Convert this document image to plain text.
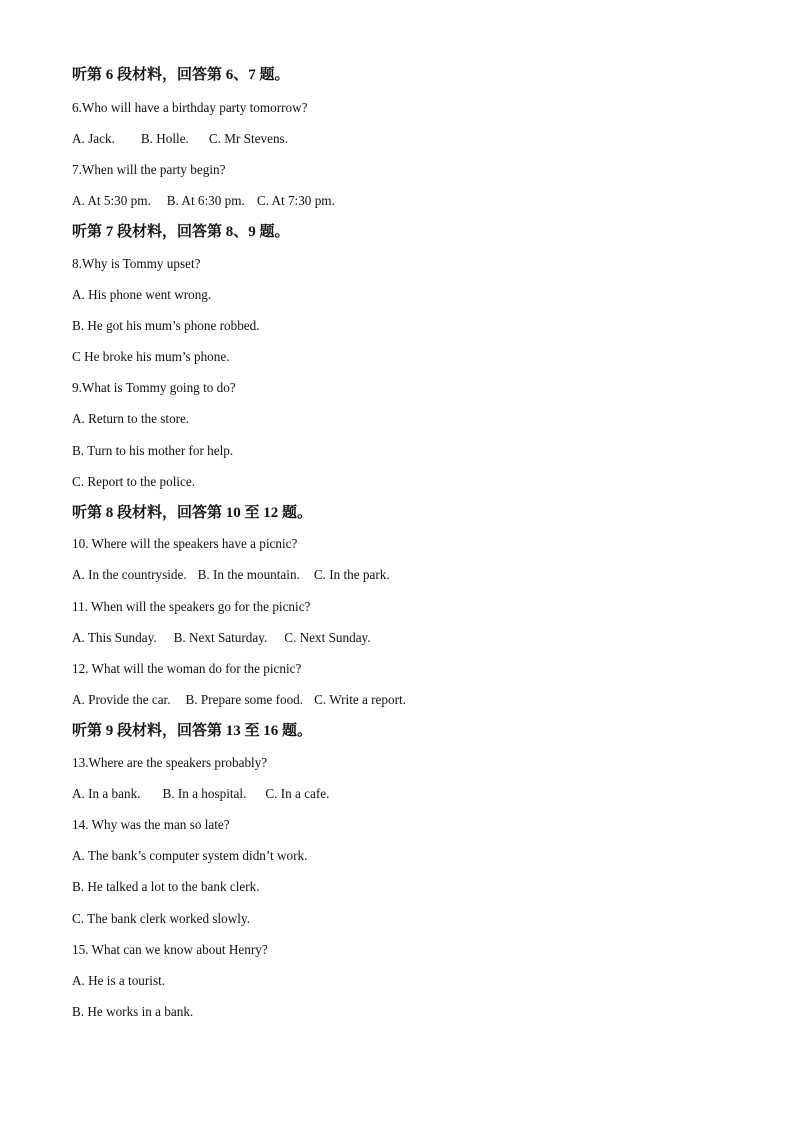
听第 6 段材料，回答第 6、7 题。
6.Who will have a birthday party tomorrow?
A. Jack. B. Holle. C. Mr Stevens.
7.When will the party begin?
A. At 5:30 pm. B. At 6:30 pm. C. At 7:30 pm.
听第 7 段材料，回答第 8、9 题。
8.Why is Tommy upset?
A. His phone went wrong.
B. He got his mum’s phone robbed.
C He broke his mum’s phone.
9.What is Tommy going to do?
A. Return to the store.
B. Turn to his mother for help.
C. Report to the police.
听第 8 段材料，回答第 10 至 12 题。
10. Where will the speakers have a picnic?
A. In the countryside. B. In the mountain. C. In the park.
11. When will the speakers go for the picnic?
A. This Sunday. B. Next Saturday. C. Next Sunday.
12. What will the woman do for the picnic?
A. Provide the car. B. Prepare some food. C. Write a report.
听第 9 段材料，回答第 13 至 16 题。
13.Where are the speakers probably?
A. In a bank. B. In a hospital. C. In a cafe.
14. Why was the man so late?
A. The bank’s computer system didn’t work.
B. He talked a lot to the bank clerk.
C. The bank clerk worked slowly.
15. What can we know about Henry?
A. He is a tourist.
B. He works in a bank.
